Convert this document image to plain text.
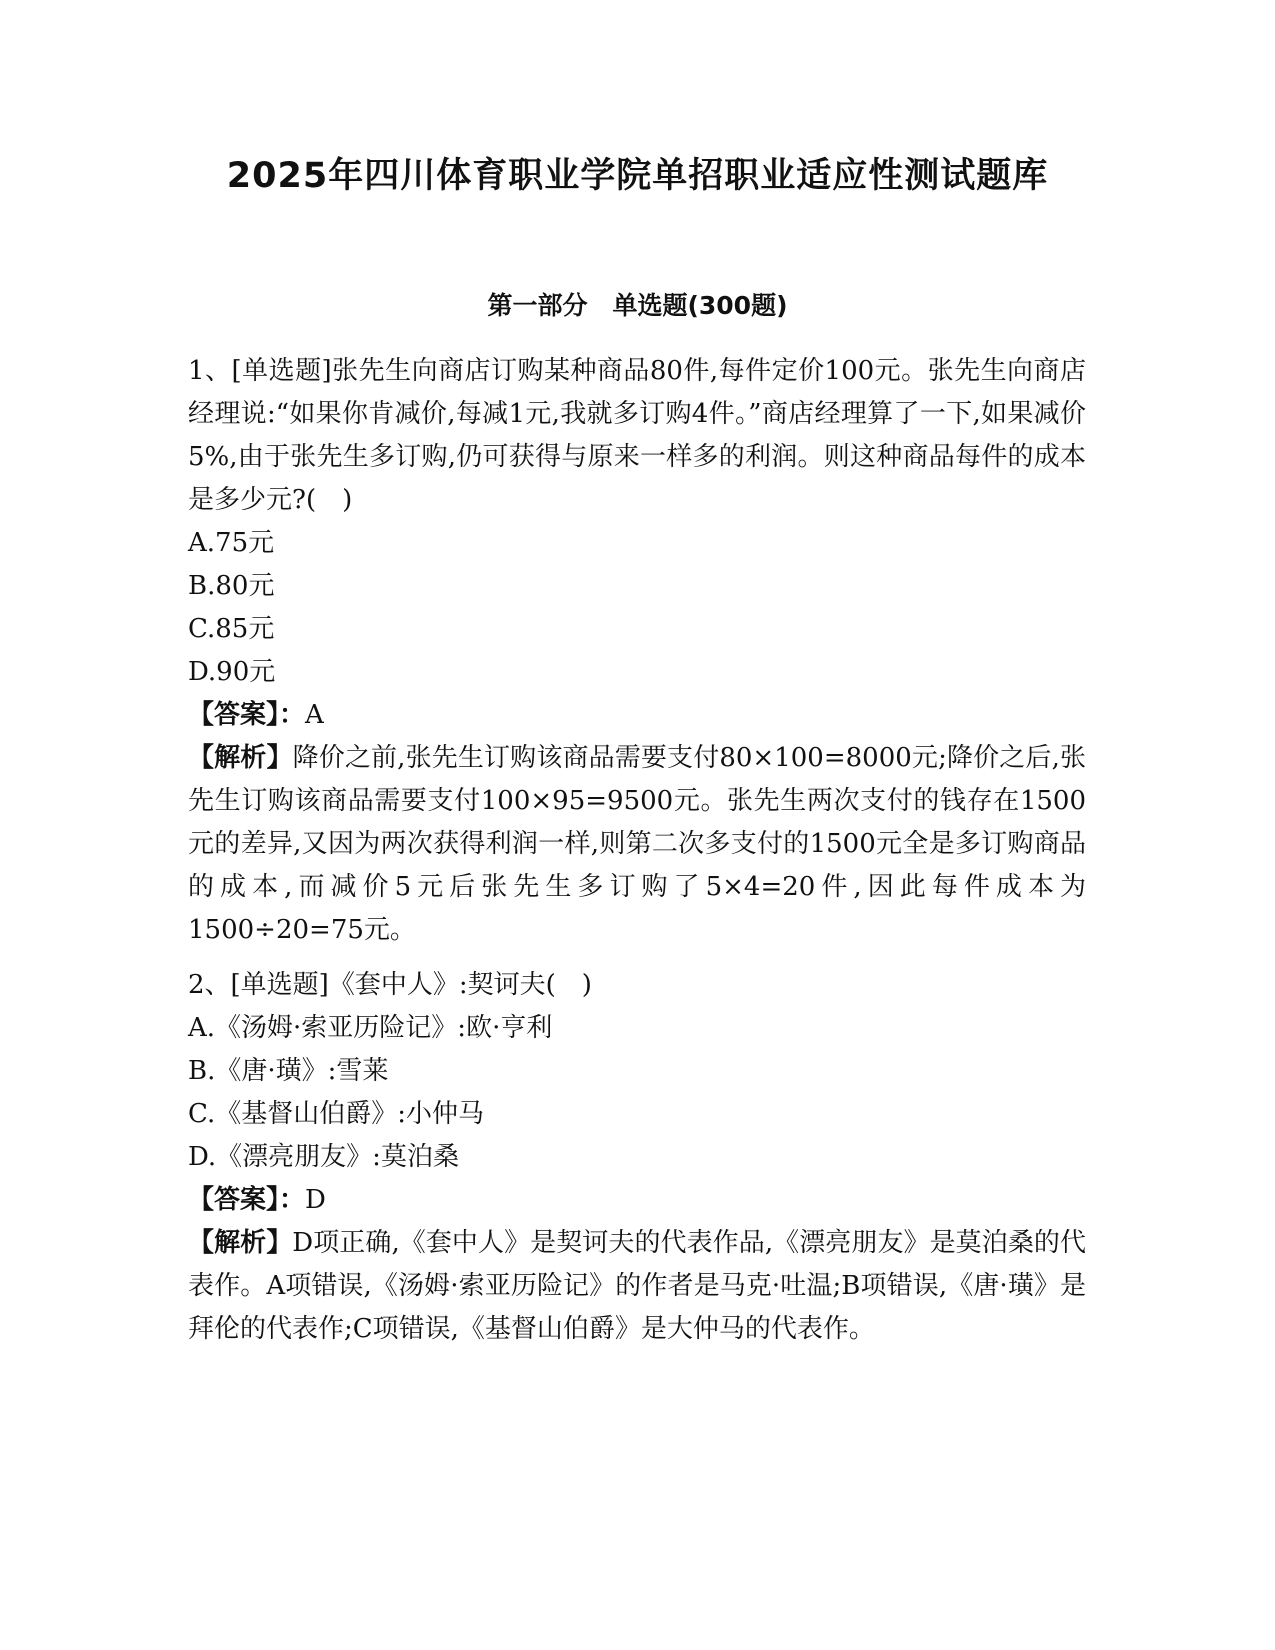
2025年四川体育职业学院单招职业适应性测试题库
第一部分　单选题(300题)
1、[单选题]张先生向商店订购某种商品80件,每件定价100元。张先生向商店经理说:“如果你肯减价,每减1元,我就多订购4件。”商店经理算了一下,如果减价5%,由于张先生多订购,仍可获得与原来一样多的利润。则这种商品每件的成本是多少元?(　)
A.75元
B.80元
C.85元
D.90元
【答案】：A
【解析】降价之前,张先生订购该商品需要支付80×100=8000元;降价之后,张先生订购该商品需要支付100×95=9500元。张先生两次支付的钱存在1500元的差异,又因为两次获得利润一样,则第二次多支付的1500元全是多订购商品的成本,而减价5元后张先生多订购了5×4=20件,因此每件成本为1500÷20=75元。
2、[单选题]《套中人》:契诃夫(　)
A.《汤姆·索亚历险记》:欧·亨利
B.《唐·璜》:雪莱
C.《基督山伯爵》:小仲马
D.《漂亮朋友》:莫泊桑
【答案】：D
【解析】D项正确,《套中人》是契诃夫的代表作品,《漂亮朋友》是莫泊桑的代表作。A项错误,《汤姆·索亚历险记》的作者是马克·吐温;B项错误,《唐·璜》是拜伦的代表作;C项错误,《基督山伯爵》是大仲马的代表作。
